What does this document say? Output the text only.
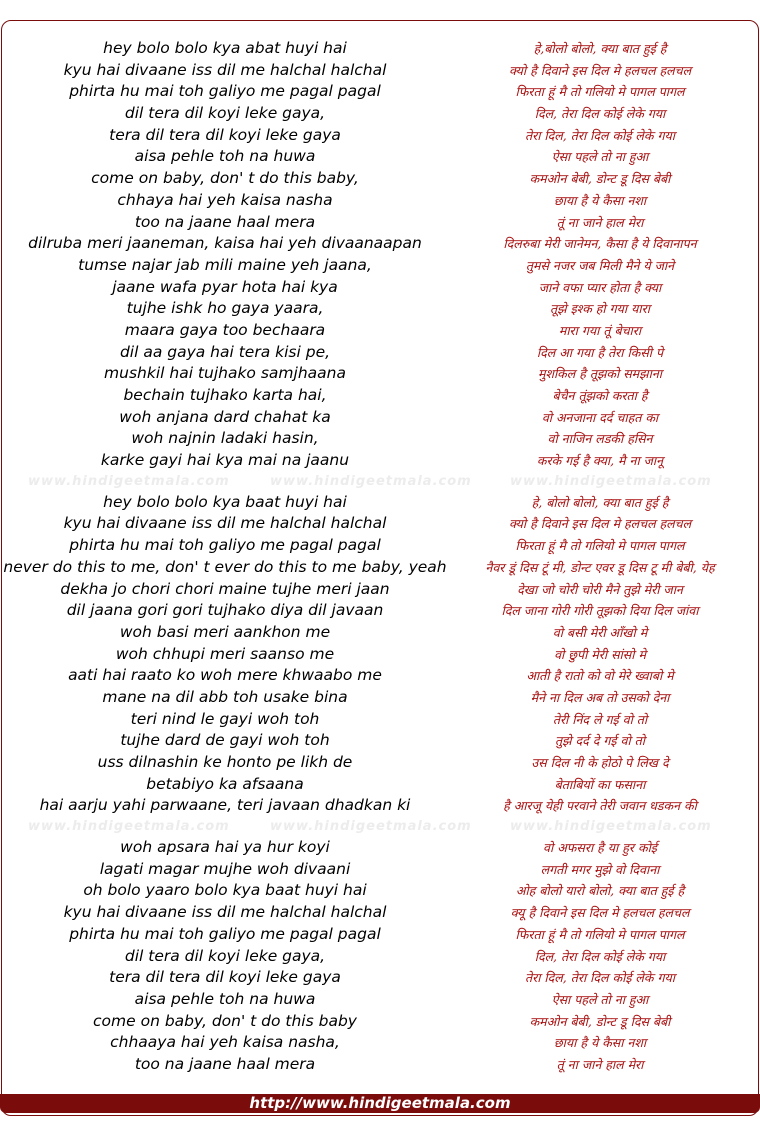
hey bolo bolo kya abat huyi hai	हे,बोलो बोलो, क्या बात हुई है
kyu hai divaane iss dil me halchal halchal	क्यो है दिवाने इस दिल मे हलचल हलचल
phirta hu mai toh galiyo me pagal pagal	फिरता हूं मै तो गलियो मे पागल पागल
dil tera dil koyi leke gaya,	दिल, तेरा दिल कोई लेके गया
tera dil tera dil koyi leke gaya	तेरा दिल, तेरा दिल कोई लेके गया
aisa pehle toh na huwa	ऐसा पहले तो ना हुआ
come on baby, don' t do this baby,	कमओन बेबी, डोन्ट डू दिस बेबी
chhaya hai yeh kaisa nasha	छाया है ये कैसा नशा
too na jaane haal mera	तूं ना जाने हाल मेरा
dilruba meri jaaneman, kaisa hai yeh divaanaapan	दिलरुबा मेरी जानेमन, कैसा है ये दिवानापन
tumse najar jab mili maine yeh jaana,	तुमसे नजर जब मिली मैने ये जाने
jaane wafa pyar hota hai kya	जाने वफा प्यार होता है क्या
tujhe ishk ho gaya yaara,	तूझे इश्क हो गया यारा
maara gaya too bechaara	मारा गया तूं बेचारा
dil aa gaya hai tera kisi pe,	दिल आ गया है तेरा किसी पे
mushkil hai tujhako samjhaana	मुशकिल है तूझको समझाना
bechain tujhako karta hai,	बेचैन तूंझको करता है
woh anjana dard chahat ka	वो अनजाना दर्द चाहत का
woh najnin ladaki hasin,	वो नाजिन लडकी हसिन
karke gayi hai kya mai na jaanu	करके गई है क्या, मै ना जानू
www.hindigeetmala.com	www.hindigeetmala.com	www.hindigeetmala.com
hey bolo bolo kya baat huyi hai	हे, बोलो बोलो, क्या बात हुई है
kyu hai divaane iss dil me halchal halchal	क्यो है दिवाने इस दिल मे हलचल हलचल
phirta hu mai toh galiyo me pagal pagal	फिरता हूं मै तो गलियो मे पागल पागल
never do this to me, don' t ever do this to me baby, yeah	नैवर डूं दिस टूं मी, डोन्ट एवर डू दिस टू मी बेबी, येह
dekha jo chori chori maine tujhe meri jaan	देखा जो चोरी चोरी मैने तुझे मेरी जान
dil jaana gori gori tujhako diya dil javaan	दिल जाना गोरी गोरी तूझको दिया दिल जांवा
woh basi meri aankhon me	वो बसी मेरी आँखो मे
woh chhupi meri saanso me	वो छुपी मेरी सांसो मे
aati hai raato ko woh mere khwaabo me	आती है रातो को वो मेरे ख्वाबो मे
mane na dil abb toh usake bina	मैने ना दिल अब तो उसको देना
teri nind le gayi woh toh	तेरी निंद ले गई वो तो
tujhe dard de gayi woh toh	तुझे दर्द दे गई वो तो
uss dilnashin ke honto pe likh de	उस दिल नी के होठो पे लिख दे
betabiyo ka afsaana	बेताबियों का फसाना
hai aarju yahi parwaane, teri javaan dhadkan ki	है आरजू येही परवाने तेरी जवान धडकन की
www.hindigeetmala.com	www.hindigeetmala.com	www.hindigeetmala.com
woh apsara hai ya hur koyi	वो अफसरा है या हुर कोई
lagati magar mujhe woh divaani	लगती मगर मुझे वो दिवाना
oh bolo yaaro bolo kya baat huyi hai	ओह बोलो यारो बोलो, क्या बात हुई है
kyu hai divaane iss dil me halchal halchal	क्यू है दिवाने इस दिल मे हलचल हलचल
phirta hu mai toh galiyo me pagal pagal	फिरता हूं मै तो गलियो मे पागल पागल
dil tera dil koyi leke gaya,	दिल, तेरा दिल कोई लेके गया
tera dil tera dil koyi leke gaya	तेरा दिल, तेरा दिल कोई लेके गया
aisa pehle toh na huwa	ऐसा पहले तो ना हुआ
come on baby, don' t do this baby	कमओन बेबी, डोन्ट डू दिस बेबी
chhaaya hai yeh kaisa nasha,	छाया है ये कैसा नशा
too na jaane haal mera	तूं ना जाने हाल मेरा
http://www.hindigeetmala.com
